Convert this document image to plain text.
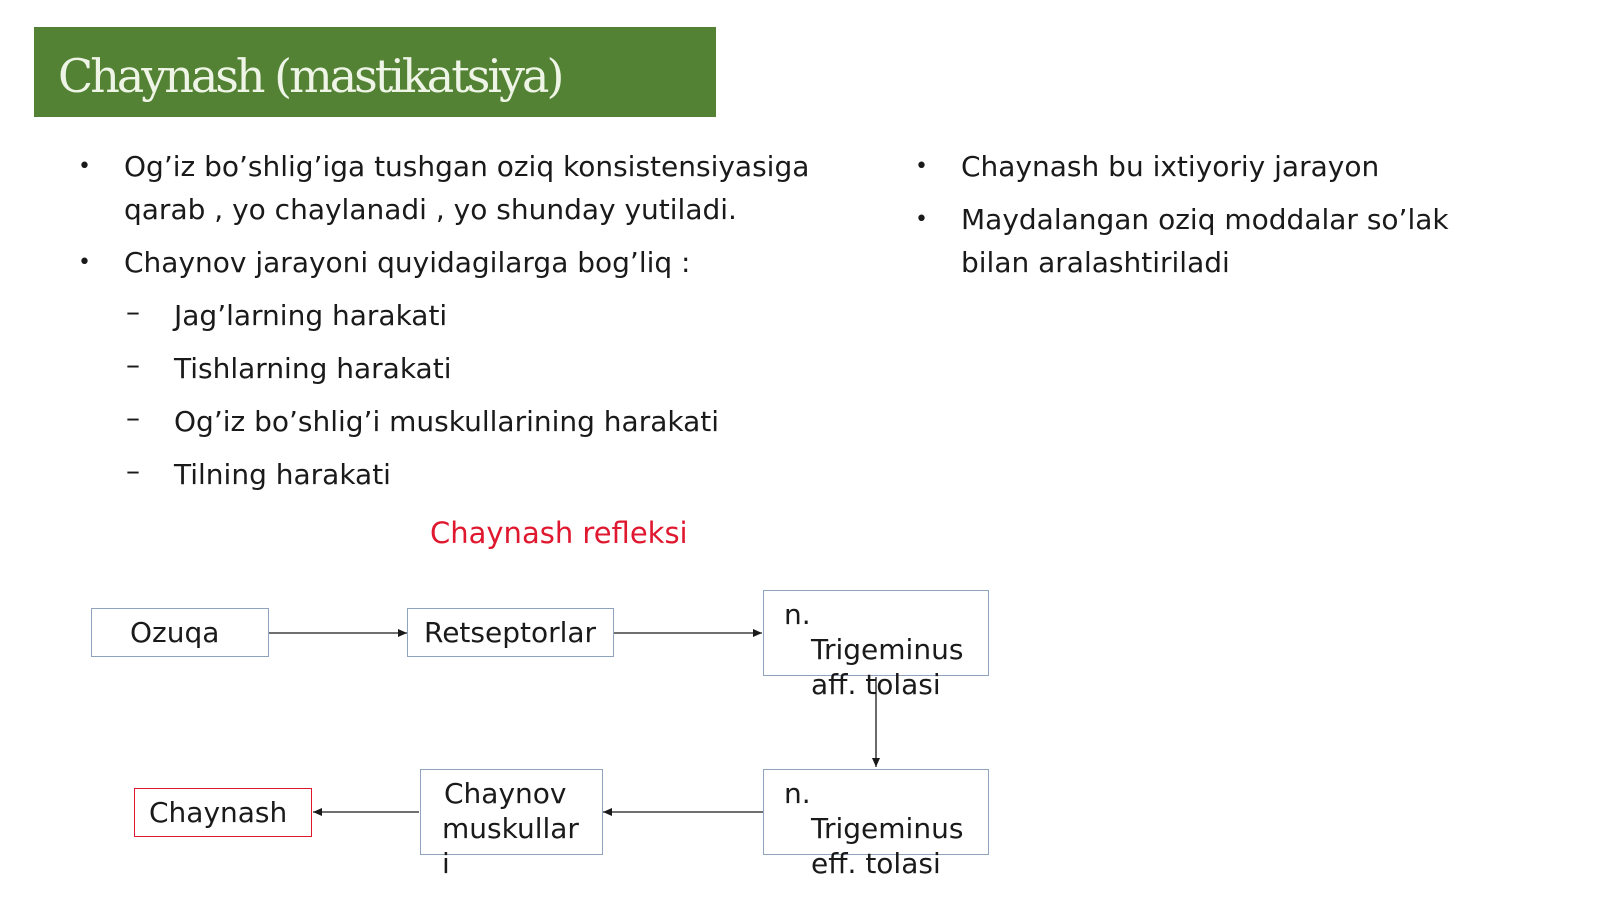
Chaynash (mastikatsiya)
• Og’iz bo’shlig’iga tushgan oziq konsistensiyasiga
qarab , yo chaylanadi , yo shunday yutiladi.
• Chaynov jarayoni quyidagilarga bog’liq :
– Jag’larning harakati
– Tishlarning harakati
– Og’iz bo’shlig’i muskullarining harakati
– Tilning harakati
• Chaynash bu ixtiyoriy jarayon
• Maydalangan oziq moddalar so’lak
bilan aralashtiriladi
Chaynash refleksi
Ozuqa	Retseptorlar
n.
Trigeminus
aff. tolasi
n.
Trigeminus
eff. tolasi
Chaynov
muskullar
i
Chaynash
